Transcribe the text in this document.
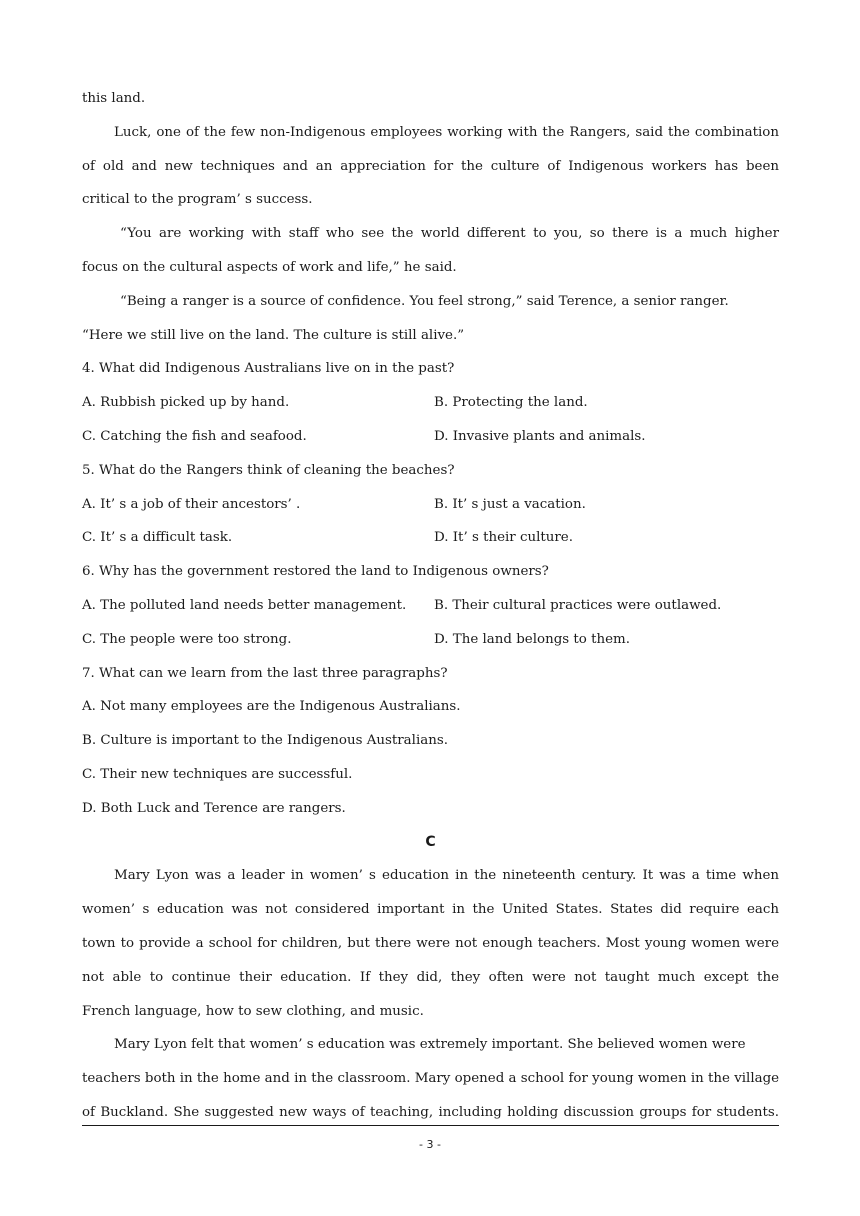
this land.
Luck, one of the few non-Indigenous employees working with the Rangers, said the combination
of old and new techniques and an appreciation for the culture of Indigenous workers has been
critical to the program’ s success.
“You are working with staff who see the world different to you, so there is a much higher
focus on the cultural aspects of work and life,” he said.
“Being a ranger is a source of confidence. You feel strong,” said Terence, a senior ranger.
“Here we still live on the land. The culture is still alive.”
4. What did Indigenous Australians live on in the past?
A. Rubbish picked up by hand.	B. Protecting the land.
C. Catching the fish and seafood.	D. Invasive plants and animals.
5. What do the Rangers think of cleaning the beaches?
A. It’ s a job of their ancestors’ .	B. It’ s just a vacation.
C. It’ s a difficult task.	D. It’ s their culture.
6. Why has the government restored the land to Indigenous owners?
A. The polluted land needs better management.	B. Their cultural practices were outlawed.
C. The people were too strong.	D. The land belongs to them.
7. What can we learn from the last three paragraphs?
A. Not many employees are the Indigenous Australians.
B. Culture is important to the Indigenous Australians.
C. Their new techniques are successful.
D. Both Luck and Terence are rangers.
C
Mary Lyon was a leader in women’ s education in the nineteenth century. It was a time when
women’ s education was not considered important in the United States. States did require each
town to provide a school for children, but there were not enough teachers. Most young women were
not able to continue their education. If they did, they often were not taught much except the
French language, how to sew clothing, and music.
Mary Lyon felt that women’ s education was extremely important. She believed women were
teachers both in the home and in the classroom. Mary opened a school for young women in the village
of Buckland. She suggested new ways of teaching, including holding discussion groups for students.
- 3 -
